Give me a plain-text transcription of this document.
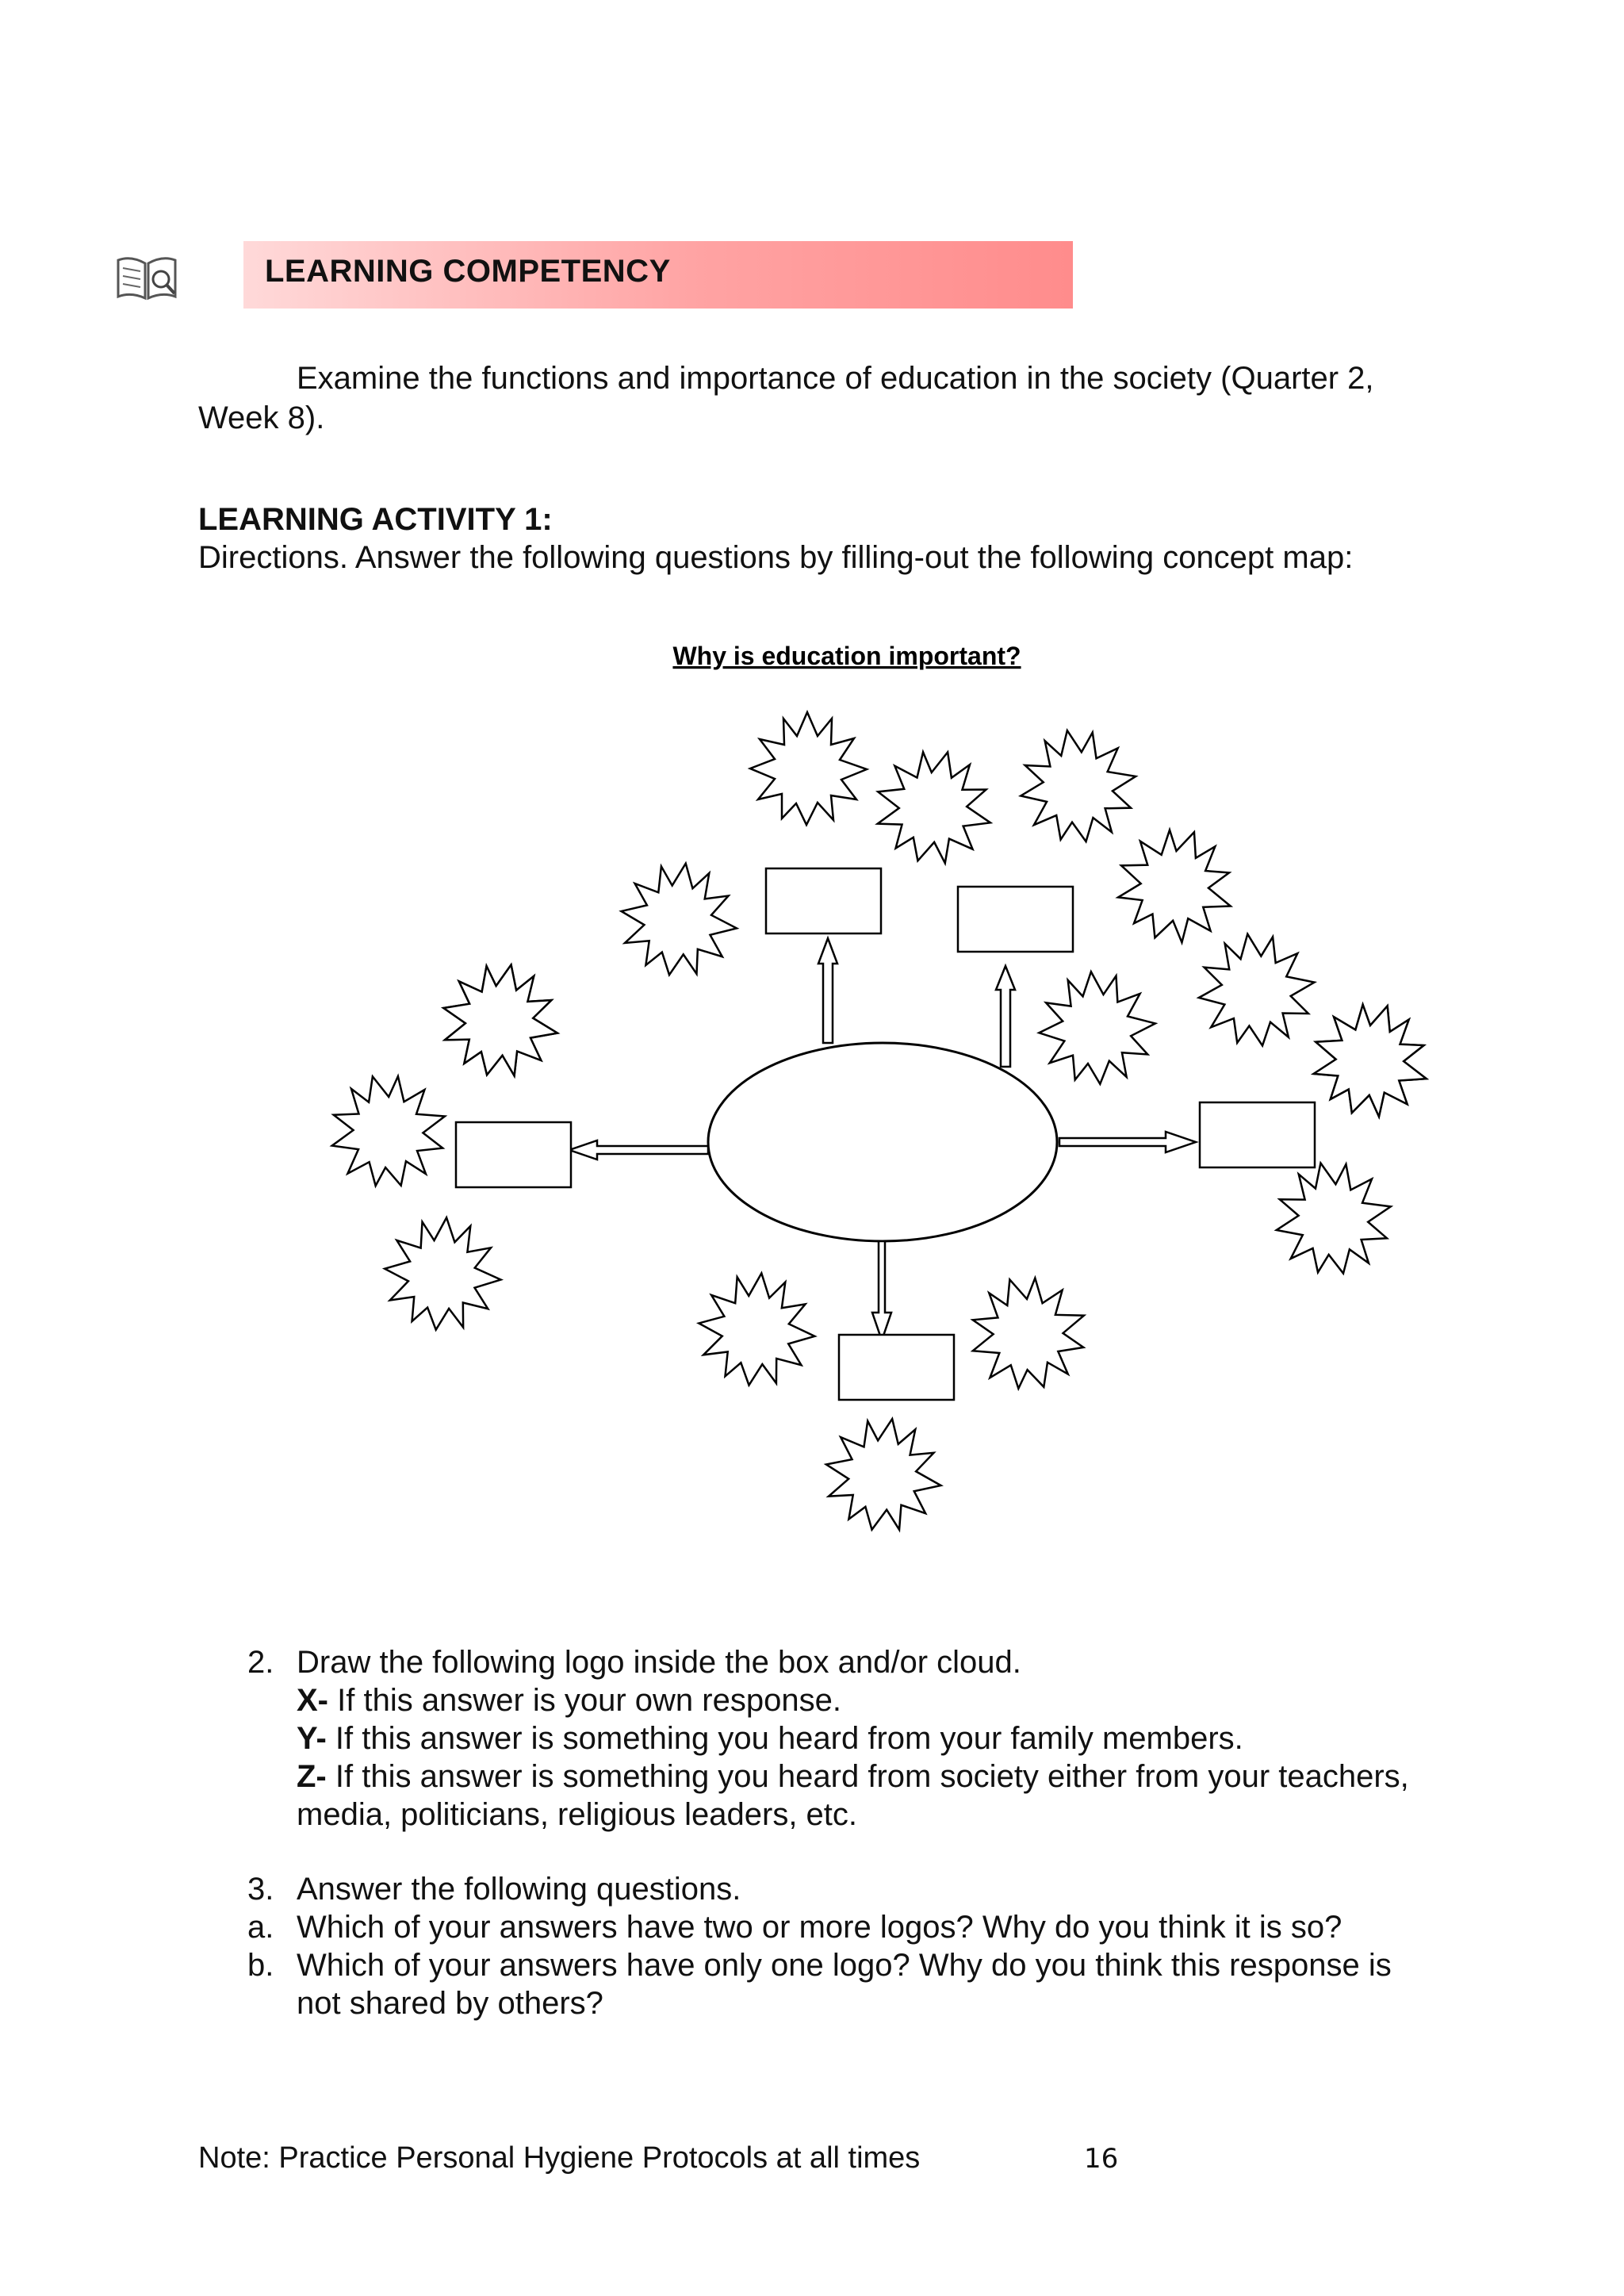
LEARNING COMPETENCY
Examine the functions and importance of education in the society (Quarter 2,
Week 8).
LEARNING ACTIVITY 1:
Directions. Answer the following questions by filling-out the following concept map:
Why is education important?
2. Draw the following logo inside the box and/or cloud.
X- If this answer is your own response.
Y- If this answer is something you heard from your family members.
Z- If this answer is something you heard from society either from your teachers,
media, politicians, religious leaders, etc.
3. Answer the following questions.
a. Which of your answers have two or more logos? Why do you think it is so?
b. Which of your answers have only one logo? Why do you think this response is
not shared by others?
Note: Practice Personal Hygiene Protocols at all times	16
